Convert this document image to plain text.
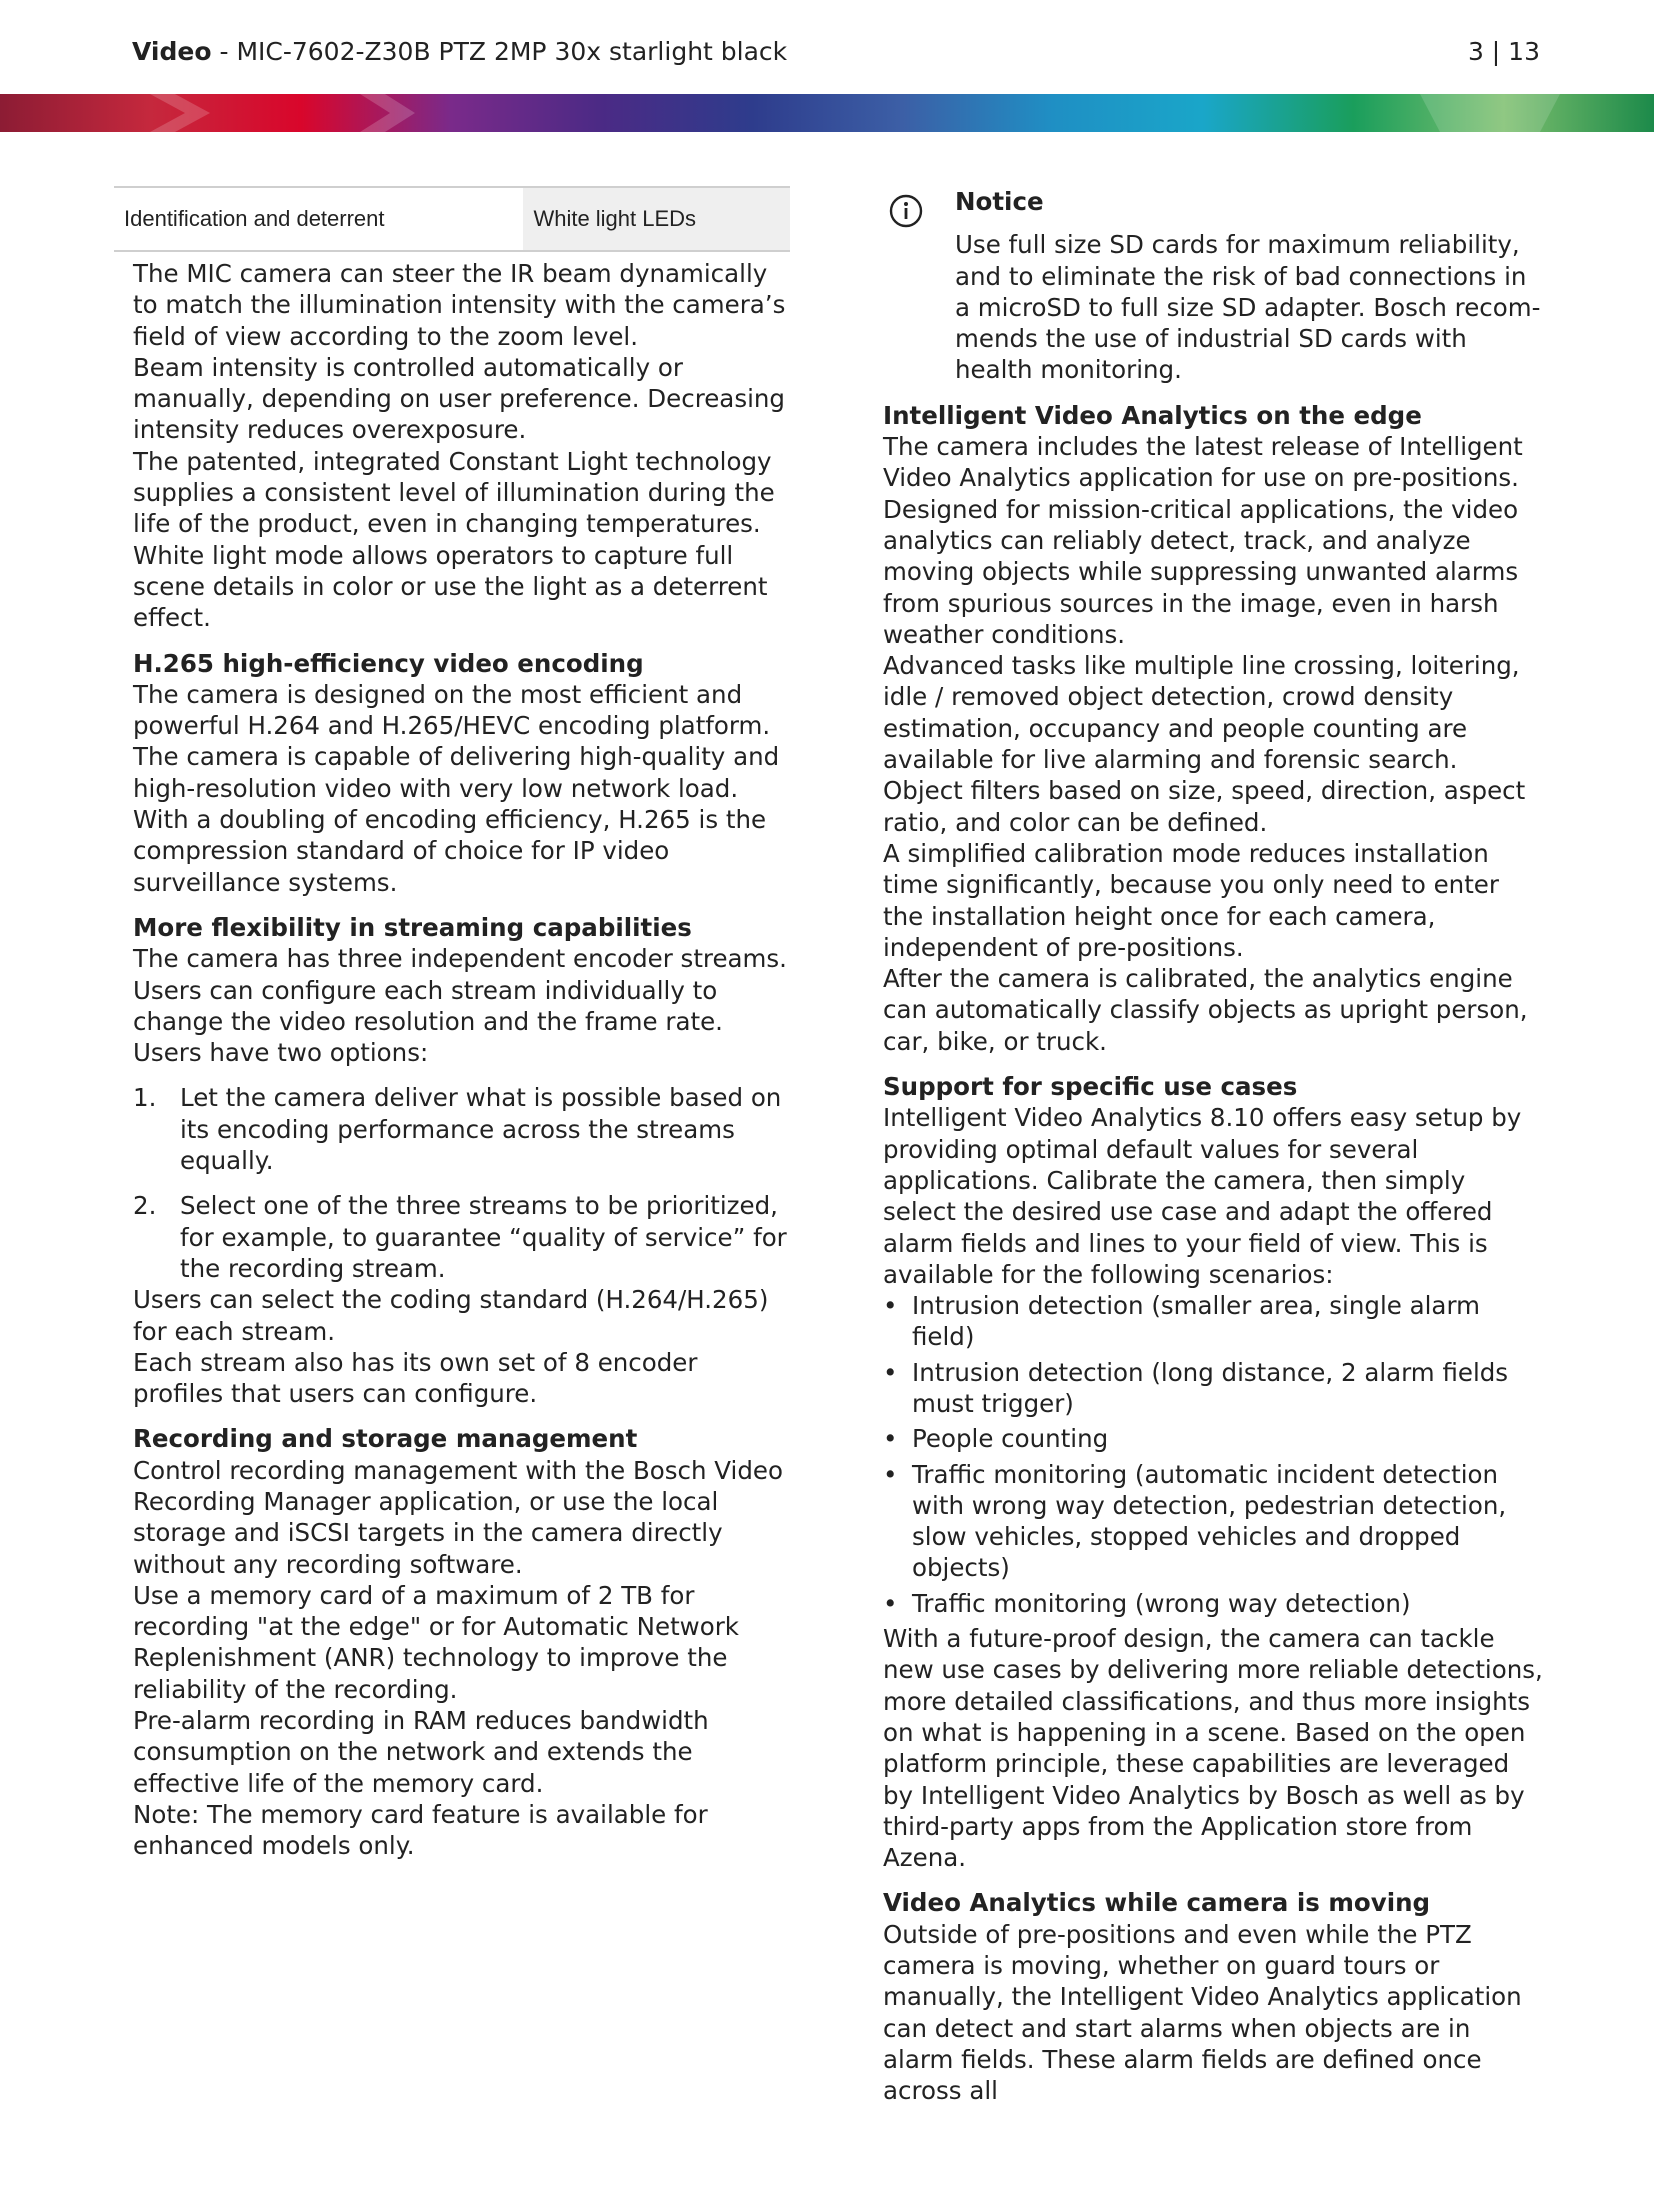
Video - MIC-7602-Z30B PTZ 2MP 30x starlight black	3 | 13
Identification and deterrent	White light LEDs

The MIC camera can steer the IR beam dynamically to match the illumination intensity with the camera’s field of view according to the zoom level.

Beam intensity is controlled automatically or manually, depending on user preference. Decreasing intensity reduces overexposure.

The patented, integrated Constant Light technology supplies a consistent level of illumination during the life of the product, even in changing temperatures.

White light mode allows operators to capture full scene details in color or use the light as a deterrent effect.

H.265 high-efficiency video encoding

The camera is designed on the most efficient and powerful H.264 and H.265/HEVC encoding platform. The camera is capable of delivering high-quality and high-resolution video with very low network load. With a doubling of encoding efficiency, H.265 is the compression standard of choice for IP video surveillance systems.

More flexibility in streaming capabilities

The camera has three independent encoder streams. Users can configure each stream individually to change the video resolution and the frame rate. Users have two options:

1. Let the camera deliver what is possible based on its encoding performance across the streams equally.
2. Select one of the three streams to be prioritized, for example, to guarantee “quality of service” for the recording stream.

Users can select the coding standard (H.264/H.265) for each stream.

Each stream also has its own set of 8 encoder profiles that users can configure.

Recording and storage management

Control recording management with the Bosch Video Recording Manager application, or use the local storage and iSCSI targets in the camera directly without any recording software.

Use a memory card of a maximum of 2 TB for recording "at the edge" or for Automatic Network Replenishment (ANR) technology to improve the reliability of the recording.

Pre-alarm recording in RAM reduces bandwidth consumption on the network and extends the effective life of the memory card.

Note: The memory card feature is available for enhanced models only.

Notice

Use full size SD cards for maximum reliability, and to eliminate the risk of bad connections in a microSD to full size SD adapter. Bosch recom-mends the use of industrial SD cards with health monitoring.

Intelligent Video Analytics on the edge

The camera includes the latest release of Intelligent Video Analytics application for use on pre-positions. Designed for mission-critical applications, the video analytics can reliably detect, track, and analyze moving objects while suppressing unwanted alarms from spurious sources in the image, even in harsh weather conditions.

Advanced tasks like multiple line crossing, loitering, idle / removed object detection, crowd density estimation, occupancy and people counting are available for live alarming and forensic search. Object filters based on size, speed, direction, aspect ratio, and color can be defined.

A simplified calibration mode reduces installation time significantly, because you only need to enter the installation height once for each camera, independent of pre-positions.

After the camera is calibrated, the analytics engine can automatically classify objects as upright person, car, bike, or truck.

Support for specific use cases

Intelligent Video Analytics 8.10 offers easy setup by providing optimal default values for several applications. Calibrate the camera, then simply select the desired use case and adapt the offered alarm fields and lines to your field of view. This is available for the following scenarios:

• Intrusion detection (smaller area, single alarm field)
• Intrusion detection (long distance, 2 alarm fields must trigger)
• People counting
• Traffic monitoring (automatic incident detection with wrong way detection, pedestrian detection, slow vehicles, stopped vehicles and dropped objects)
• Traffic monitoring (wrong way detection)

With a future-proof design, the camera can tackle new use cases by delivering more reliable detections, more detailed classifications, and thus more insights on what is happening in a scene. Based on the open platform principle, these capabilities are leveraged by Intelligent Video Analytics by Bosch as well as by third-party apps from the Application store from Azena.

Video Analytics while camera is moving

Outside of pre-positions and even while the PTZ camera is moving, whether on guard tours or manually, the Intelligent Video Analytics application can detect and start alarms when objects are in alarm fields. These alarm fields are defined once across all
